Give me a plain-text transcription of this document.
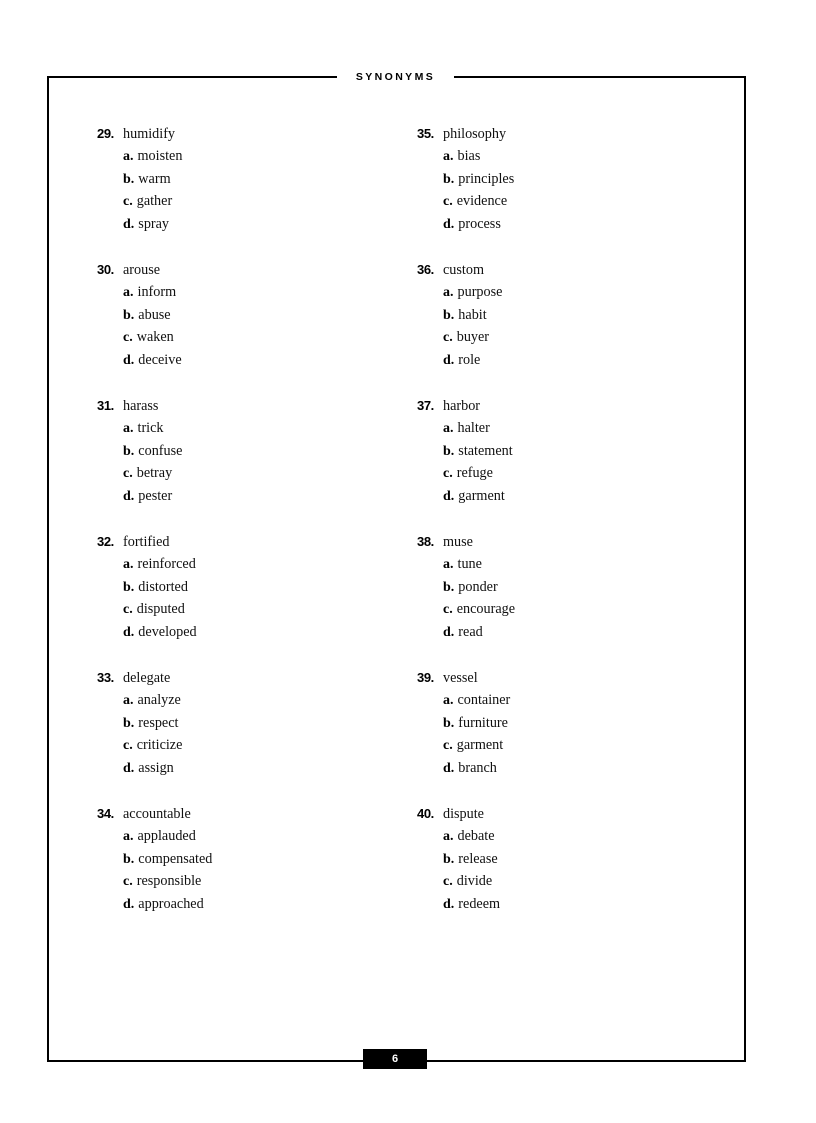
SYNONYMS
29. humidify
a. moisten
b. warm
c. gather
d. spray
30. arouse
a. inform
b. abuse
c. waken
d. deceive
31. harass
a. trick
b. confuse
c. betray
d. pester
32. fortified
a. reinforced
b. distorted
c. disputed
d. developed
33. delegate
a. analyze
b. respect
c. criticize
d. assign
34. accountable
a. applauded
b. compensated
c. responsible
d. approached
35. philosophy
a. bias
b. principles
c. evidence
d. process
36. custom
a. purpose
b. habit
c. buyer
d. role
37. harbor
a. halter
b. statement
c. refuge
d. garment
38. muse
a. tune
b. ponder
c. encourage
d. read
39. vessel
a. container
b. furniture
c. garment
d. branch
40. dispute
a. debate
b. release
c. divide
d. redeem
6
